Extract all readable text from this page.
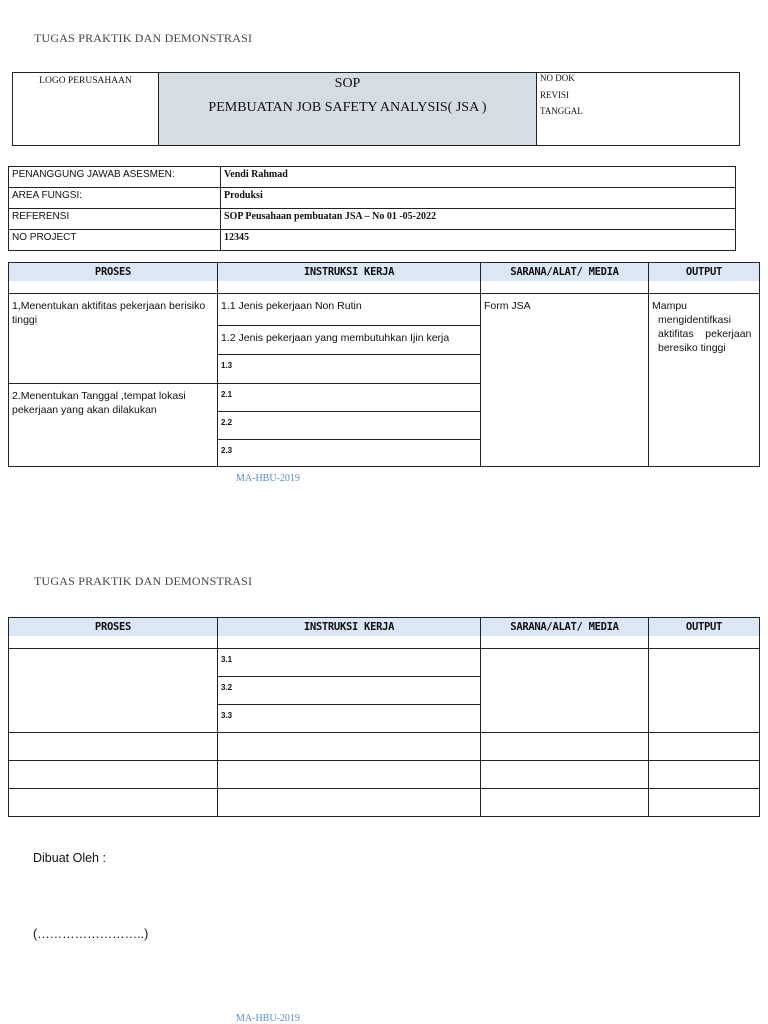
TUGAS PRAKTIK DAN DEMONSTRASI
LOGO PERUSAHAAN	SOP
PEMBUATAN JOB SAFETY ANALYSIS( JSA )

NO DOK
REVISI
TANGGAL
PENANGGUNG JAWAB ASESMEN:	Vendi Rahmad
AREA FUNGSI:	Produksi
REFERENSI	SOP Peusahaan pembuatan JSA – No 01 -05-2022
NO PROJECT	12345
PROSES	INSTRUKSI KERJA	SARANA/ALAT/ MEDIA	OUTPUT

1,Menentukan aktifitas pekerjaan berisiko tinggi	1.1 Jenis pekerjaan Non Rutin	Form JSA	Mampu
mengidentifkasi
aktifitas    pekerjaan
beresiko tinggi

	1.2 Jenis pekerjaan yang membutuhkan Ijin kerja		
	1.3		
2.Menentukan Tanggal ,tempat lokasi pekerjaan yang akan dilakukan	2.1		
	2.2		
	2.3		
MA-HBU-2019
TUGAS PRAKTIK DAN DEMONSTRASI
PROSES	INSTRUKSI KERJA	SARANA/ALAT/ MEDIA	OUTPUT

	3.1		
	3.2		
	3.3		

Dibuat Oleh :
(……………………..)
MA-HBU-2019
